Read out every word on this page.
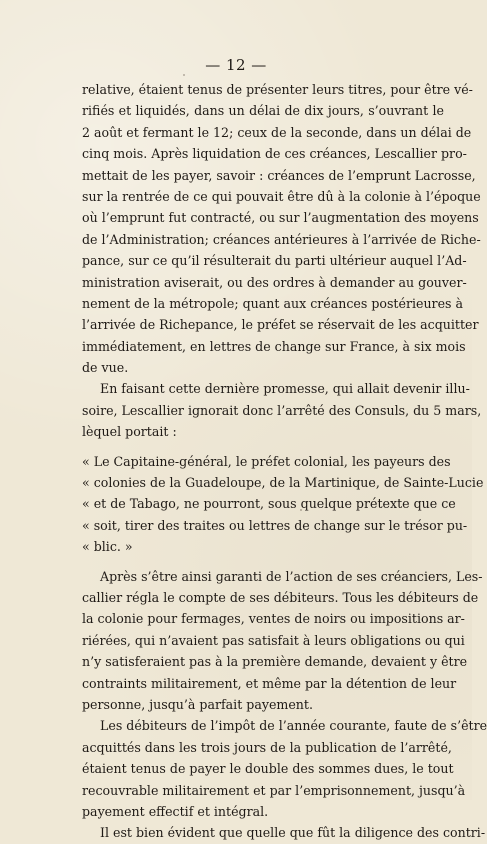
— 12 —
relative, étaient tenus de présenter leurs titres, pour être vé-
rifiés et liquidés, dans un délai de dix jours, s’ouvrant le
2 août et fermant le 12; ceux de la seconde, dans un délai de
cinq mois. Après liquidation de ces créances, Lescallier pro-
mettait de les payer, savoir : créances de l’emprunt Lacrosse,
sur la rentrée de ce qui pouvait être dû à la colonie à l’époque
où l’emprunt fut contracté, ou sur l’augmentation des moyens
de l’Administration; créances antérieures à l’arrivée de Riche-
pance, sur ce qu’il résulterait du parti ultérieur auquel l’Ad-
ministration aviserait, ou des ordres à demander au gouver-
nement de la métropole; quant aux créances postérieures à
l’arrivée de Richepance, le préfet se réservait de les acquitter
immédiatement, en lettres de change sur France, à six mois
de vue.
En faisant cette dernière promesse, qui allait devenir illu-
soire, Lescallier ignorait donc l’arrêté des Consuls, du 5 mars,
lèquel portait :
« Le Capitaine-général, le préfet colonial, les payeurs des
« colonies de la Guadeloupe, de la Martinique, de Sainte-Lucie
« et de Tabago, ne pourront, sous quelque prétexte que ce
« soit, tirer des traites ou lettres de change sur le trésor pu-
« blic. »
Après s’être ainsi garanti de l’action de ses créanciers, Les-
callier régla le compte de ses débiteurs. Tous les débiteurs de
la colonie pour fermages, ventes de noirs ou impositions ar-
riérées, qui n’avaient pas satisfait à leurs obligations ou qui
n’y satisferaient pas à la première demande, devaient y être
contraints militairement, et même par la détention de leur
personne, jusqu’à parfait payement.
Les débiteurs de l’impôt de l’année courante, faute de s’être
acquittés dans les trois jours de la publication de l’arrêté,
étaient tenus de payer le double des sommes dues, le tout
recouvrable militairement et par l’emprisonnement, jusqu’à
payement effectif et intégral.
Il est bien évident que quelle que fût la diligence des contri-
